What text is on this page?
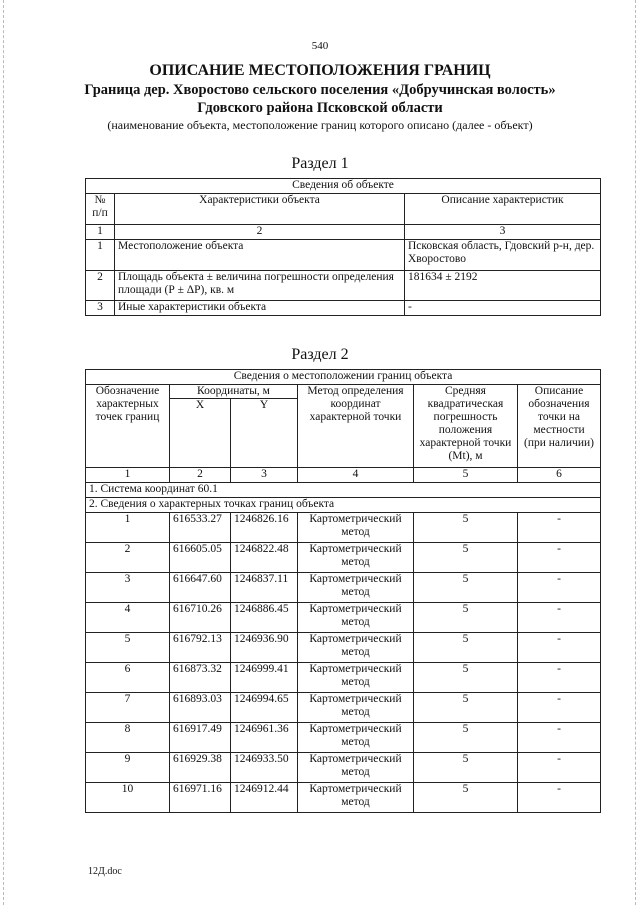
540
ОПИСАНИЕ МЕСТОПОЛОЖЕНИЯ ГРАНИЦ
Граница дер. Хворостово сельского поселения «Добручинская волость»
Гдовского района Псковской области
(наименование объекта, местоположение границ которого описано (далее - объект)
Раздел 1
Сведения об объекте		
№ п/п	Характеристики объекта	Описание характеристик
1	2	3
1	Местоположение объекта	Псковская область, Гдовский р-н, дер. Хворостово
2	Площадь объекта ± величина погрешности определения площади (Р ± ΔР), кв. м	181634 ± 2192
3	Иные характеристики объекта	-
Раздел 2
Сведения о местоположении границ объекта					
Обозначение характерных точек границ	Координаты, м		Метод определения координат характерной точки	Средняя квадратическая погрешность положения характерной точки (Мt), м	Описание обозначения точки на местности (при наличии)
	X	Y			
1	2	3	4	5	6
1. Система координат 60.1					
2. Сведения о характерных точках границ объекта					
1	616533.27	1246826.16	Картометрический метод	5	-
2	616605.05	1246822.48	Картометрический метод	5	-
3	616647.60	1246837.11	Картометрический метод	5	-
4	616710.26	1246886.45	Картометрический метод	5	-
5	616792.13	1246936.90	Картометрический метод	5	-
6	616873.32	1246999.41	Картометрический метод	5	-
7	616893.03	1246994.65	Картометрический метод	5	-
8	616917.49	1246961.36	Картометрический метод	5	-
9	616929.38	1246933.50	Картометрический метод	5	-
10	616971.16	1246912.44	Картометрический метод	5	-
12Д.doc
